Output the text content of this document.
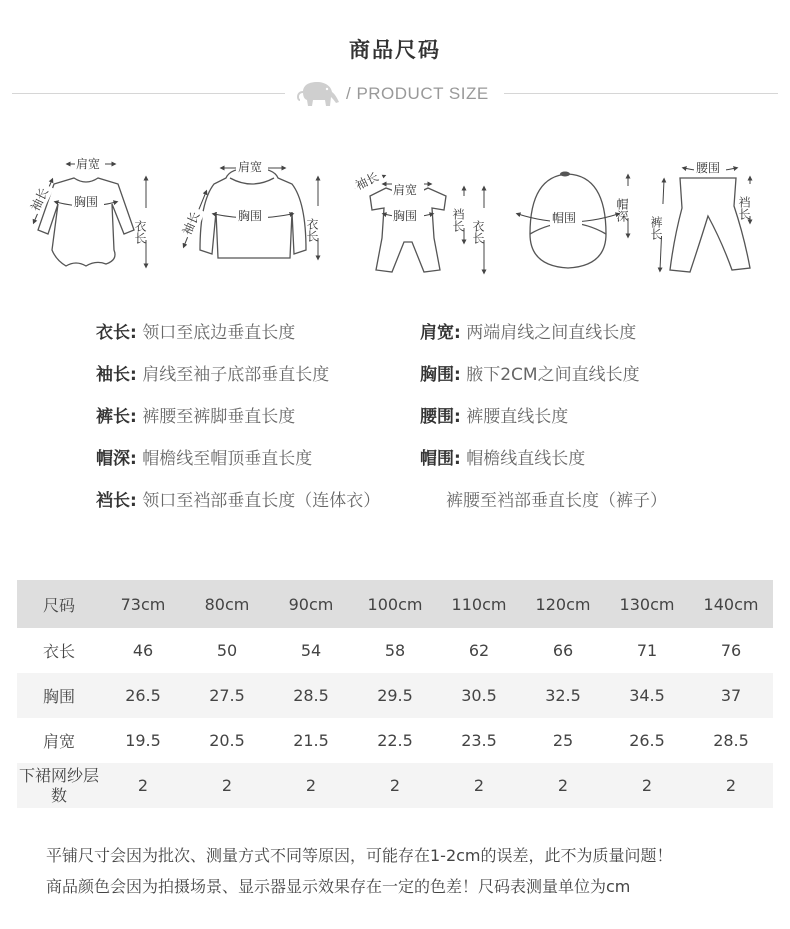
商品尺码
/ PRODUCT SIZE
肩宽
胸围
衣长
袖长
肩宽
胸围
衣长
袖长
肩宽
胸围
袖长
裆长 衣长
帽围	帽深
腰围
裤长
裆长
衣长: 领口至底边垂直长度	肩宽: 两端肩线之间直线长度
袖长: 肩线至袖子底部垂直长度	胸围: 腋下2CM之间直线长度
裤长: 裤腰至裤脚垂直长度	腰围: 裤腰直线长度
帽深: 帽檐线至帽顶垂直长度	帽围: 帽檐线直线长度
裆长: 领口至裆部垂直长度（连体衣）	裤腰至裆部垂直长度（裤子）
尺码	73cm	80cm	90cm	100cm	110cm	120cm	130cm	140cm
衣长	46	50	54	58	62	66	71	76
胸围	26.5	27.5	28.5	29.5	30.5	32.5	34.5	37
肩宽	19.5	20.5	21.5	22.5	23.5	25	26.5	28.5
下裙网纱层数	2	2	2	2	2	2	2	2
平铺尺寸会因为批次、测量方式不同等原因，可能存在1-2cm的误差，此不为质量问题！
商品颜色会因为拍摄场景、显示器显示效果存在一定的色差！尺码表测量单位为cm
